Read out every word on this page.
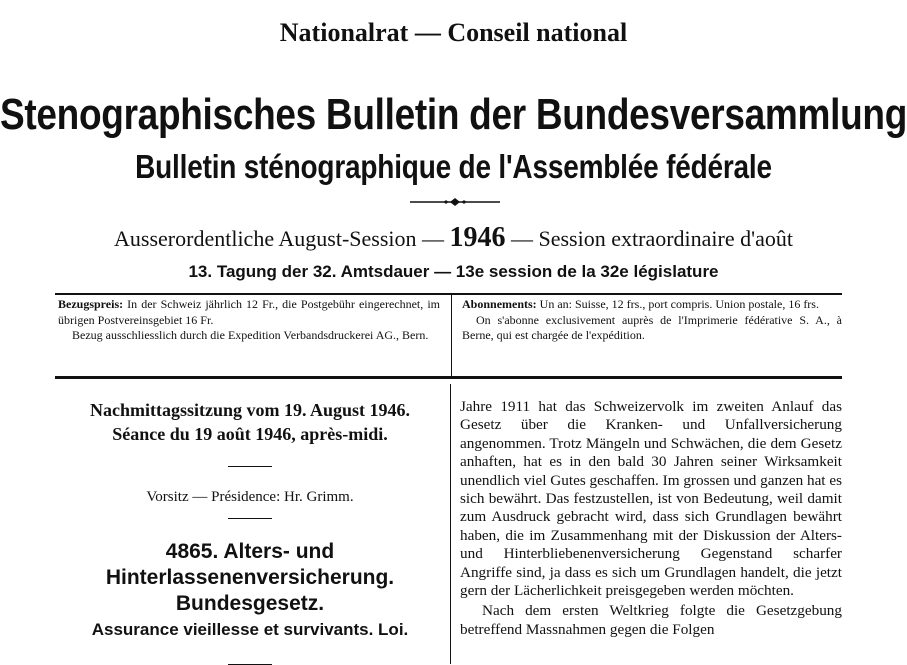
Nationalrat — Conseil national
Stenographisches Bulletin der Bundesversammlung
Bulletin sténographique de l'Assemblée fédérale
Ausserordentliche August-Session — 1946 — Session extraordinaire d'août
13. Tagung der 32. Amtsdauer — 13e session de la 32e législature
Bezugspreis: In der Schweiz jährlich 12 Fr., die Postgebühr eingerechnet, im übrigen Postvereinsgebiet 16 Fr.
Bezug ausschliesslich durch die Expedition Verbandsdruckerei AG., Bern.
Abonnements: Un an: Suisse, 12 frs., port compris. Union postale, 16 frs.
On s'abonne exclusivement auprès de l'Imprimerie fédérative S. A., à Berne, qui est chargée de l'expédition.
Nachmittagssitzung vom 19. August 1946.
Séance du 19 août 1946, après-midi.
Vorsitz — Présidence: Hr. Grimm.
4865. Alters- und
Hinterlassenenversicherung.
Bundesgesetz.
Assurance vieillesse et survivants. Loi.

Jahre 1911 hat das Schweizervolk im zweiten Anlauf das Gesetz über die Kranken- und Unfallversicherung angenommen. Trotz Mängeln und Schwächen, die dem Gesetz anhaften, hat es in den bald 30 Jahren seiner Wirksamkeit unendlich viel Gutes geschaffen. Im grossen und ganzen hat es sich bewährt. Das festzustellen, ist von Bedeutung, weil damit zum Ausdruck gebracht wird, dass sich Grundlagen bewährt haben, die im Zusammenhang mit der Diskussion der Alters- und Hinterbliebenenversicherung Gegenstand scharfer Angriffe sind, ja dass es sich um Grundlagen handelt, die jetzt gern der Lächerlichkeit preisgegeben werden möchten.

Nach dem ersten Weltkrieg folgte die Gesetzgebung betreffend Massnahmen gegen die Folgen
